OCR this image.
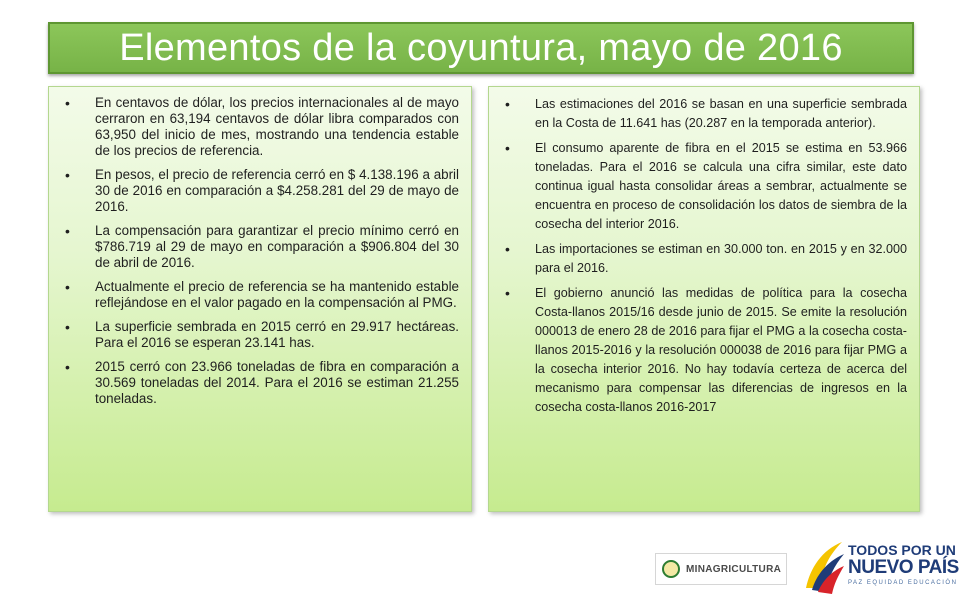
Elementos de la coyuntura, mayo de 2016
• En centavos de dólar, los precios internacionales al de mayo cerraron en 63,194 centavos de dólar libra comparados con 63,950 del inicio de mes, mostrando una tendencia estable de los precios de referencia.
• En pesos, el precio de referencia cerró en $ 4.138.196 a abril 30 de 2016 en comparación a $4.258.281 del 29 de mayo de 2016.
• La compensación para garantizar el precio mínimo cerró en $786.719 al 29 de mayo en comparación a $906.804 del 30 de abril de 2016.
• Actualmente el precio de referencia se ha mantenido estable reflejándose en el valor pagado en la compensación al PMG.
• La superficie sembrada en 2015 cerró en 29.917 hectáreas. Para el 2016 se esperan 23.141 has.
• 2015 cerró con 23.966 toneladas de fibra en comparación a 30.569 toneladas del 2014. Para el 2016 se estiman 21.255 toneladas.
• Las estimaciones del 2016 se basan en una superficie sembrada en la Costa de 11.641 has (20.287 en la temporada anterior).
• El consumo aparente de fibra en el 2015 se estima en 53.966 toneladas. Para el 2016 se calcula una cifra similar, este dato continua igual hasta consolidar áreas a sembrar, actualmente se encuentra en proceso de consolidación los datos de siembra de la cosecha del interior 2016.
• Las importaciones se estiman en 30.000 ton. en 2015 y en 32.000 para el 2016.
• El gobierno anunció las medidas de política para la cosecha Costa-llanos 2015/16 desde junio de 2015. Se emite la resolución 000013 de enero 28 de 2016 para fijar el PMG a la cosecha costa-llanos 2015-2016 y la resolución 000038 de 2016 para fijar PMG a la cosecha interior 2016. No hay todavía certeza de acerca del mecanismo para compensar las diferencias de ingresos en la cosecha costa-llanos 2016-2017
MINAGRICULTURA
TODOS POR UN
NUEVO PAÍS
PAZ EQUIDAD EDUCACIÓN
